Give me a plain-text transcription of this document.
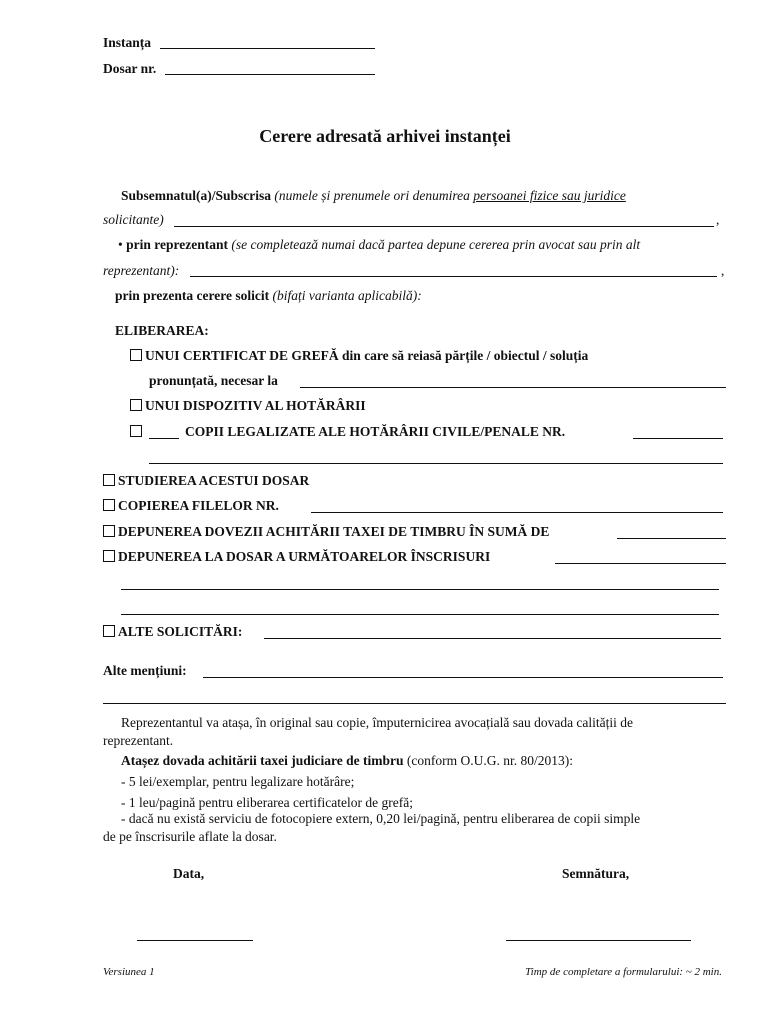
Instanța
Dosar nr.
Cerere adresată arhivei instanței
Subsemnatul(a)/Subscrisa (numele și prenumele ori denumirea persoanei fizice sau juridice
solicitante)	,
• prin reprezentant (se completează numai dacă partea depune cererea prin avocat sau prin alt
reprezentant):	,
prin prezenta cerere solicit (bifați varianta aplicabilă):
ELIBERAREA:
UNUI CERTIFICAT DE GREFĂ din care să reiasă părțile / obiectul / soluția
pronunțată, necesar la
UNUI DISPOZITIV AL HOTĂRÂRII
COPII LEGALIZATE ALE HOTĂRÂRII CIVILE/PENALE NR.
STUDIEREA ACESTUI DOSAR
COPIEREA FILELOR NR.
DEPUNEREA DOVEZII ACHITĂRII TAXEI DE TIMBRU ÎN SUMĂ DE
DEPUNEREA LA DOSAR A URMĂTOARELOR ÎNSCRISURI
ALTE SOLICITĂRI:
Alte mențiuni:
Reprezentantul va atașa, în original sau copie, împuternicirea avocațială sau dovada calității de
reprezentant.
Atașez dovada achitării taxei judiciare de timbru (conform O.U.G. nr. 80/2013):
- 5 lei/exemplar, pentru legalizare hotărâre;
- 1 leu/pagină pentru eliberarea certificatelor de grefă;
- dacă nu există serviciu de fotocopiere extern, 0,20 lei/pagină, pentru eliberarea de copii simple
de pe înscrisurile aflate la dosar.
Data,	Semnătura,
Versiunea 1	Timp de completare a formularului: ~ 2 min.
